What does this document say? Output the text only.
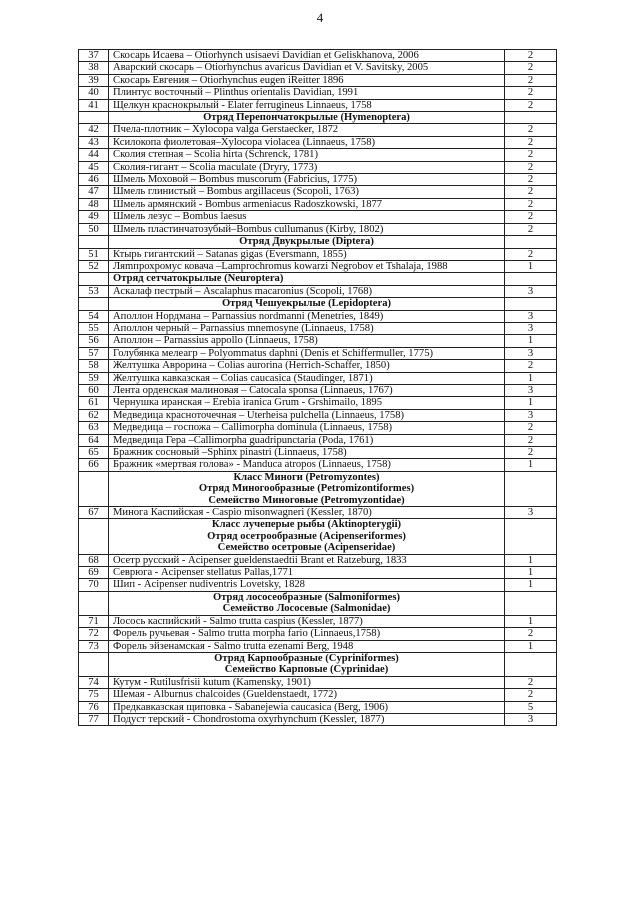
4
37	Скосарь Исаева – Otiorhynch usisaevi Davidian et Geliskhanova, 2006	2
38	Аварский скосарь – Otiorhynchus avaricus Davidian et V. Savitsky, 2005	2
39	Скосарь Евгения – Otiorhynchus eugen iReitter 1896	2
40	Плинтус восточный – Plinthus orientalis Davidian, 1991	2
41	Щелкун краснокрылый - Elater ferrugineus Linnaeus, 1758	2

	Отряд Перепончатокрылые (Hymenoptera)	

42	Пчела-плотник – Xylocopa valga Gerstaecker, 1872	2
43	Ксилокопа фиолетовая–Xylocopa violacea (Linnaeus, 1758)	2
44	Сколия степная – Scolia hirta (Schrenck, 1781)	2
45	Сколия-гигант – Scolia maculate (Dryry, 1773)	2
46	Шмель Моховой – Bombus muscorum (Fabricius, 1775)	2
47	Шмель глинистый – Bombus argillaceus (Scopoli, 1763)	2
48	Шмель армянский - Bombus armeniacus Radoszkowski, 1877	2
49	Шмель лезус – Bombus laesus	2
50	Шмель пластинчатозубый–Bombus cullumanus (Kirby, 1802)	2

	Отряд Двукрылые (Diptera)	

51	Ктырь гигантский – Satanas gigas (Eversmann, 1855)	2
52	Ляmпрохромус ковача –Lamprochromus kowarzi Negrobov et Tshalaja, 1988	1

	Отряд сетчатокрылые (Neuroptera)	

53	Аскалаф пестрый – Ascalaphus macaronius (Scopoli, 1768)	3

	Отряд Чешуекрылые (Lepidoptera)	

54	Аполлон Нордмана – Parnassius nordmanni (Menetries, 1849)	3
55	Аполлон черный – Parnassius mnemosyne (Linnaeus, 1758)	3
56	Аполлон – Parnassius appollo (Linnaeus, 1758)	1
57	Голубянка мелеагр – Polyommatus daphni (Denis et Schiffermuller, 1775)	3
58	Желтушка Авроpина – Colias aurorina (Herrich-Schaffer, 1850)	2
59	Желтушка кавказская – Colias caucasica (Staudinger, 1871)	1
60	Лента орденская малиновая – Catocala sponsa (Linnaeus, 1767)	3
61	Чернушка иранская – Erebia iranica Grum - Grshimailo, 1895	1
62	Медведица красноточечная – Uterheisa pulchella (Linnaeus, 1758)	3
63	Медведица – госпожа – Callimorpha dominula (Linnaeus, 1758)	2
64	Медведица Гера –Callimorpha guadripunctaria (Poda, 1761)	2
65	Бражник сосновый –Sphinx pinastri (Linnaeus, 1758)	2
66	Бражник «мертвая голова» - Manduca atropos (Linnaeus, 1758)	1

	Класс Миноги (Petromyzontes)
Отряд Миногообразные (Petromizontiformes)
Семейство Миноговые (Petromyzontidae)	

67	Минога Каспийская - Caspio misonwagneri (Kessler, 1870)	3

	Класс лучеперые рыбы (Aktinopterygii)
Отряд осетрообразные (Acipenseriformes)
Семейство осетровые (Acipenseridae)	

68	Осетр русский - Acipenser gueldenstaedtii Brant et Ratzeburg, 1833	1
69	Севрюга - Acipenser stellatus Pallas,1771	1
70	Шип - Acipenser nudiventris Lovetsky, 1828	1

	Отряд лососеобразные (Salmoniformes)
Семейство Лососевые (Salmonidae)	

71	Лосось каспийский - Salmo trutta caspius (Kessler, 1877)	1
72	Форель ручьевая - Salmo trutta morpha fario (Linnaeus,1758)	2
73	Форель эйзенамская - Salmo trutta ezenami Berg, 1948	1

	Отряд Карпообразные (Cypriniformes)
Семейство Карповые (Cyprinidae)	

74	Кутум - Rutilusfrisii kutum (Kamensky, 1901)	2
75	Шемая - Alburnus chalcoides (Gueldenstaedt, 1772)	2
76	Предкавказская щиповка - Sabanejewia caucasica (Berg, 1906)	5
77	Подуст терский - Chondrostoma oxyrhynchum (Kessler, 1877)	3
